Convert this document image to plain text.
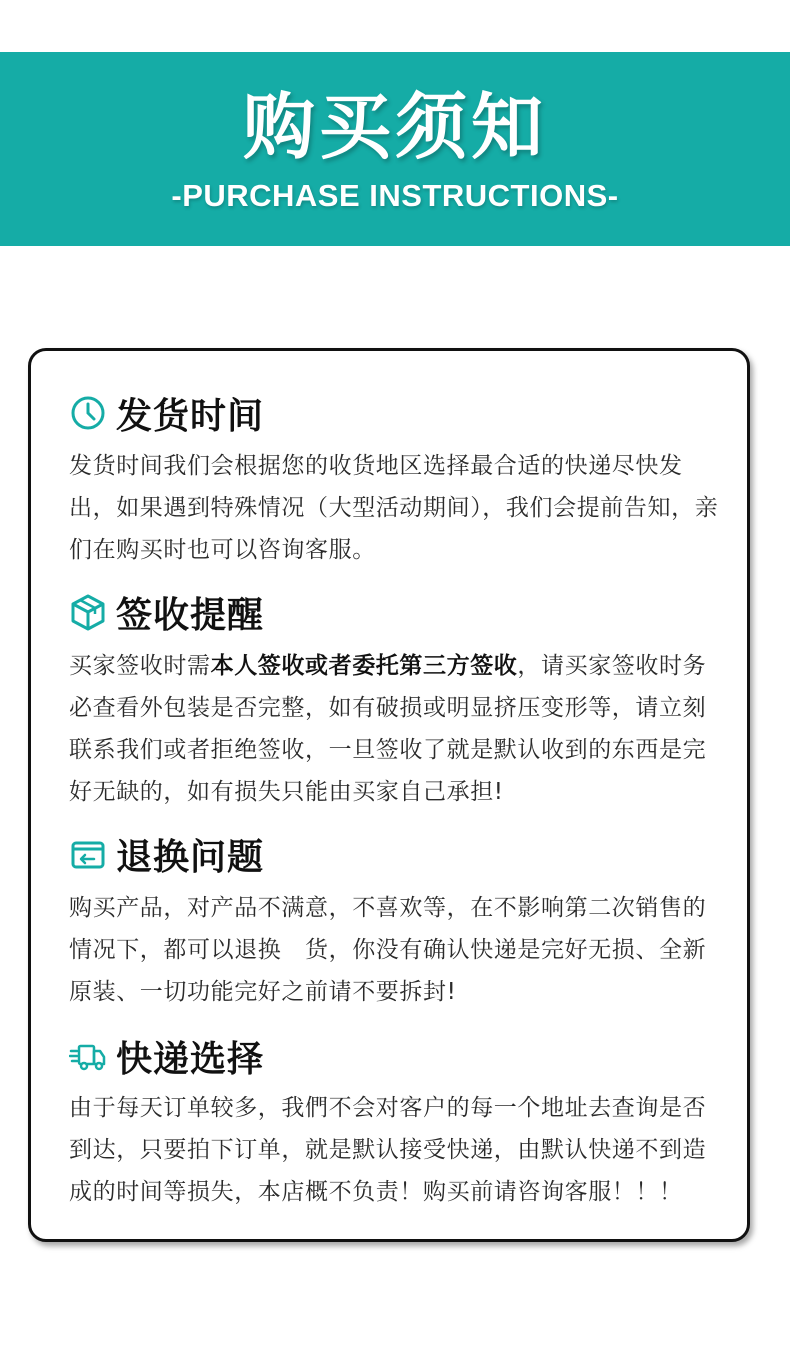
购买须知
-PURCHASE INSTRUCTIONS-
发货时间
发货时间我们会根据您的收货地区选择最合适的快递尽快发出，如果遇到特殊情况（大型活动期间），我们会提前告知，亲们在购买时也可以咨询客服。
签收提醒
买家签收时需本人签收或者委托第三方签收，请买家签收时务必查看外包装是否完整，如有破损或明显挤压变形等，请立刻联系我们或者拒绝签收，一旦签收了就是默认收到的东西是完好无缺的，如有损失只能由买家自己承担!
退换问题
购买产品，对产品不满意，不喜欢等，在不影响第二次销售的情况下，都可以退换　货，你没有确认快递是完好无损、全新原装、一切功能完好之前请不要拆封!
快递选择
由于每天订单较多，我們不会对客户的每一个地址去查询是否到达，只要拍下订单，就是默认接受快递，由默认快递不到造成的时间等损失，本店概不负责！购买前请咨询客服！！！
